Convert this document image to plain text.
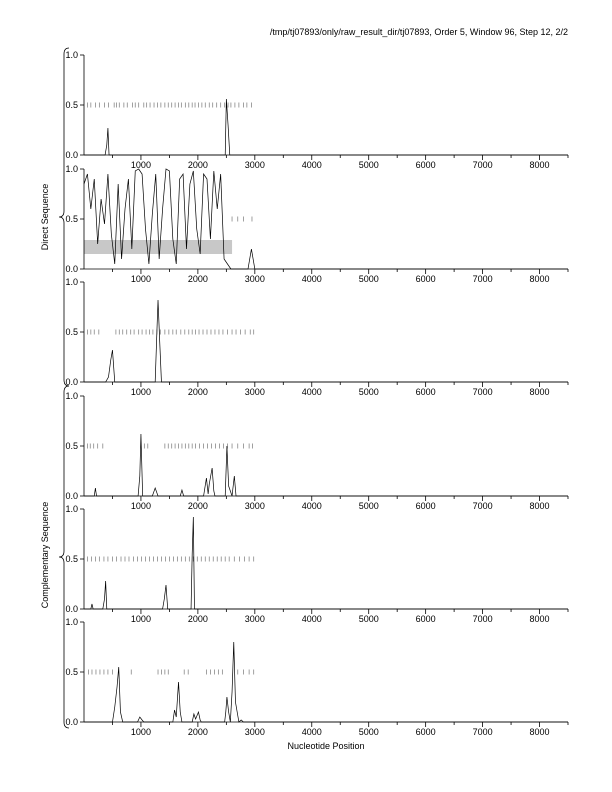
/tmp/tj07893/only/raw_result_dir/tj07893, Order 5, Window 96, Step 12, 2/2
0.0
0.5
1.0
1000	2000	3000	4000	5000	6000	7000	8000
0.0
0.5
1.0
1000	2000	3000	4000	5000	6000	7000	8000
0.0
0.5
1.0
1000	2000	3000	4000	5000	6000	7000	8000
0.0
0.5
1.0
1000	2000	3000	4000	5000	6000	7000	8000
0.0
0.5
1.0
1000	2000	3000	4000	5000	6000	7000	8000
0.0
0.5
1.0
1000	2000	3000	4000	5000	6000	7000	8000
Direct Sequence
Complementary Sequence
Nucleotide Position
